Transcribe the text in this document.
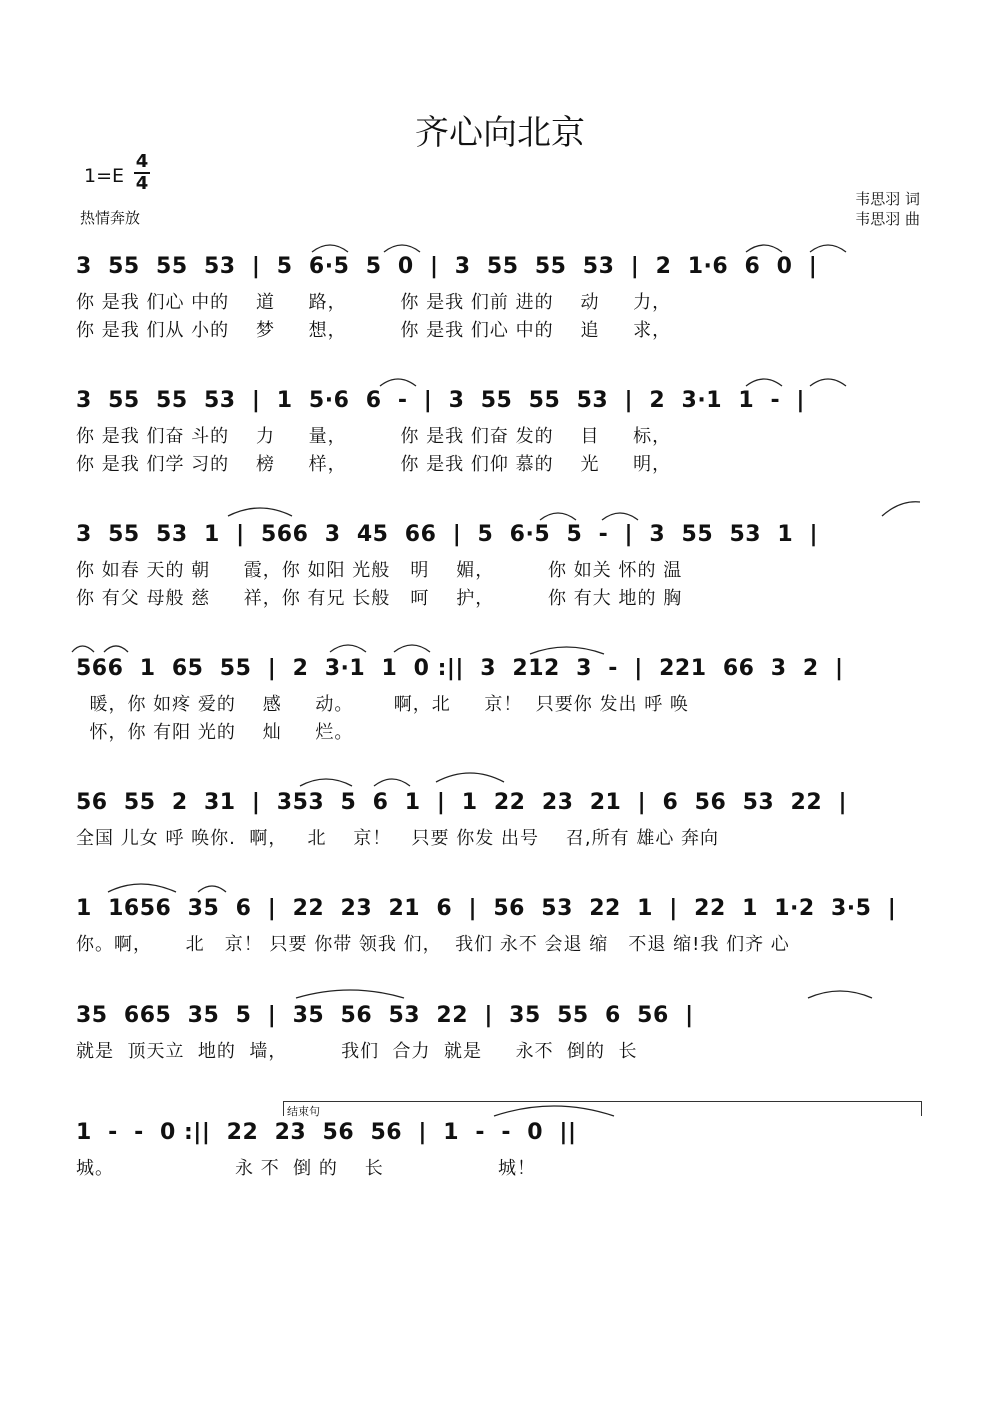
齐心向北京
1=E
4
4
热情奔放
韦思羽 词
韦思羽 曲
3  55  55  53  |  5  6·5  5  0  |  3  55  55  53  |  2  1·6  6  0  |
你 是我 们心 中的    道     路，        你 是我 们前 进的    动     力，
你 是我 们从 小的    梦     想，        你 是我 们心 中的    追     求，
3  55  55  53  |  1  5·6  6  -  |  3  55  55  53  |  2  3·1  1  -  |
你 是我 们奋 斗的    力     量，        你 是我 们奋 发的    目     标，
你 是我 们学 习的    榜     样，        你 是我 们仰 慕的    光     明，
3  55  53  1  |  566  3  45  66  |  5  6·5  5  -  |  3  55  53  1  |
你 如春 天的 朝     霞，你 如阳 光般   明    媚，        你 如关 怀的 温
你 有父 母般 慈     祥，你 有兄 长般   呵    护，        你 有大 地的 胸
566  1  65  55  |  2  3·1  1  0 :||  3  212  3  -  |  221  66  3  2  |
暖，你 如疼 爱的    感     动。      啊，北     京！  只要你 发出 呼 唤
怀，你 有阳 光的    灿     烂。
56  55  2  31  |  353  5  6  1  |  1  22  23  21  |  6  56  53  22  |
全国 儿女 呼 唤你.  啊，   北    京！   只要 你发 出号    召,所有 雄心 奔向
1  1656  35  6  |  22  23  21  6  |  56  53  22  1  |  22  1  1·2  3·5  |
你。啊，     北   京！ 只要 你带 领我 们，  我们 永不 会退 缩   不退 缩!我 们齐 心
35  665  35  5  |  35  56  53  22  |  35  55  6  56  |
就是  顶天立  地的  墙，        我们  合力  就是     永不  倒的  长
结束句
1  -  -  0 :||  22  23  56  56  |  1  -  -  0  ||
城。                  永 不  倒 的    长                 城！
